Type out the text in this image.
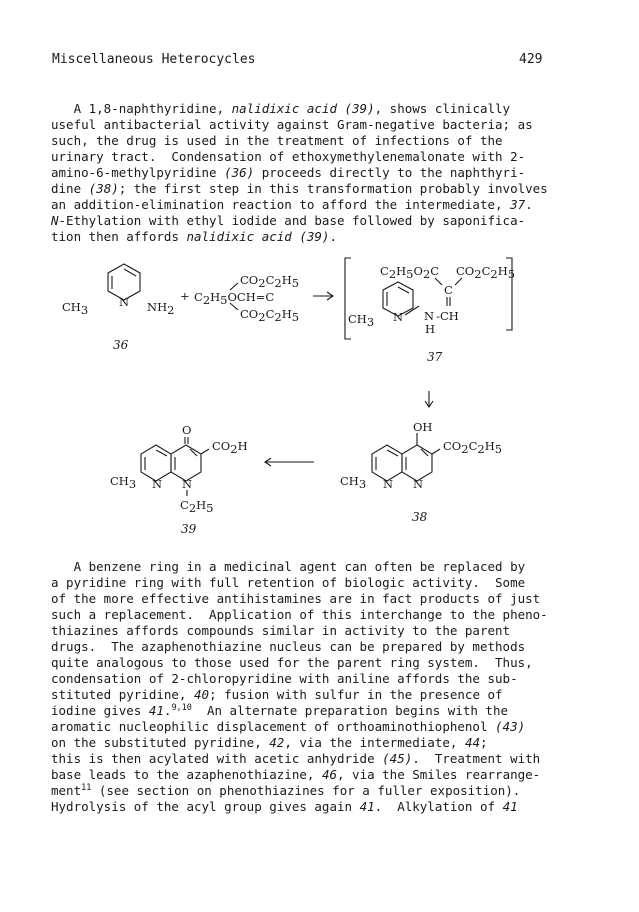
Miscellaneous Heterocycles	429
A 1,8-naphthyridine, nalidixic acid (39), shows clinically
useful antibacterial activity against Gram-negative bacteria; as
such, the drug is used in the treatment of infections of the
urinary tract.  Condensation of ethoxymethylenemalonate with 2-
amino-6-methylpyridine (36) proceeds directly to the naphthyri-
dine (38); the first step in this transformation probably involves
an addition-elimination reaction to afford the intermediate, 37.
N-Ethylation with ethyl iodide and base followed by saponifica-
tion then affords nalidixic acid (39).
CH3
N NH2
36
+
CO2C2H5
C2H5OCH=C
CO2C2H5
C2H5O2C CO2C2H5
C
CH3 N N -CH
H
37
OH
CO2C2H5
CH3 N N
38
O
CO2H
CH3 N N
C2H5
39
A benzene ring in a medicinal agent can often be replaced by
a pyridine ring with full retention of biologic activity.  Some
of the more effective antihistamines are in fact products of just
such a replacement.  Application of this interchange to the pheno-
thiazines affords compounds similar in activity to the parent
drugs.  The azaphenothiazine nucleus can be prepared by methods
quite analogous to those used for the parent ring system.  Thus,
condensation of 2-chloropyridine with aniline affords the sub-
stituted pyridine, 40; fusion with sulfur in the presence of
iodine gives 41.$^{9,10}$  An alternate preparation begins with the
aromatic nucleophilic displacement of orthoaminothiophenol (43)
on the substituted pyridine, 42, via the intermediate, 44;
this is then acylated with acetic anhydride (45).  Treatment with
base leads to the azaphenothiazine, 46, via the Smiles rearrange-
ment$^{11}$ (see section on phenothiazines for a fuller exposition).
Hydrolysis of the acyl group gives again 41.  Alkylation of 41
